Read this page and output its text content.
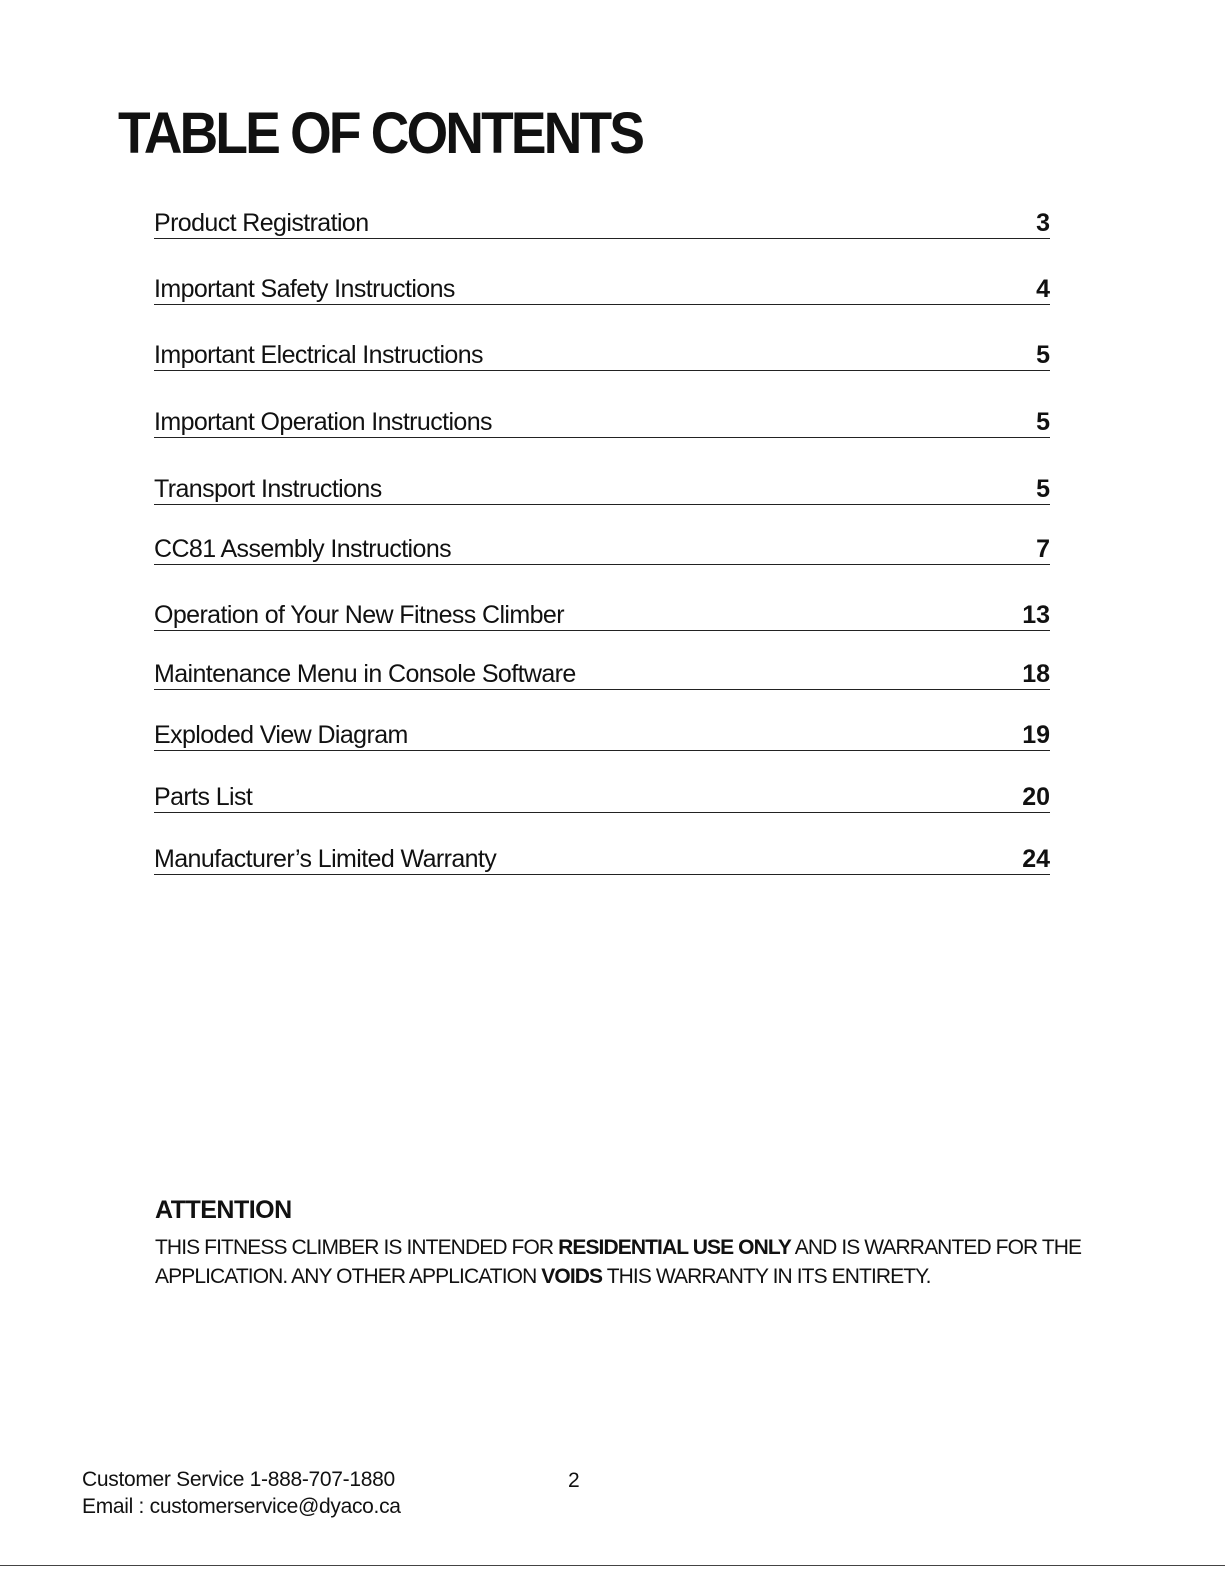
TABLE OF CONTENTS
Product Registration	3
Important Safety Instructions	4
Important Electrical Instructions	5
Important Operation Instructions	5
Transport Instructions	5
CC81 Assembly Instructions	7
Operation of Your New Fitness Climber	13
Maintenance Menu in Console Software	18
Exploded View Diagram	19
Parts List	20
Manufacturer’s Limited Warranty	24

ATTENTION

THIS FITNESS CLIMBER IS INTENDED FOR RESIDENTIAL USE ONLY AND IS WARRANTED FOR THE APPLICATION. ANY OTHER APPLICATION VOIDS THIS WARRANTY IN ITS ENTIRETY.

Customer Service 1-888-707-1880
Email : customerservice@dyaco.ca
2
